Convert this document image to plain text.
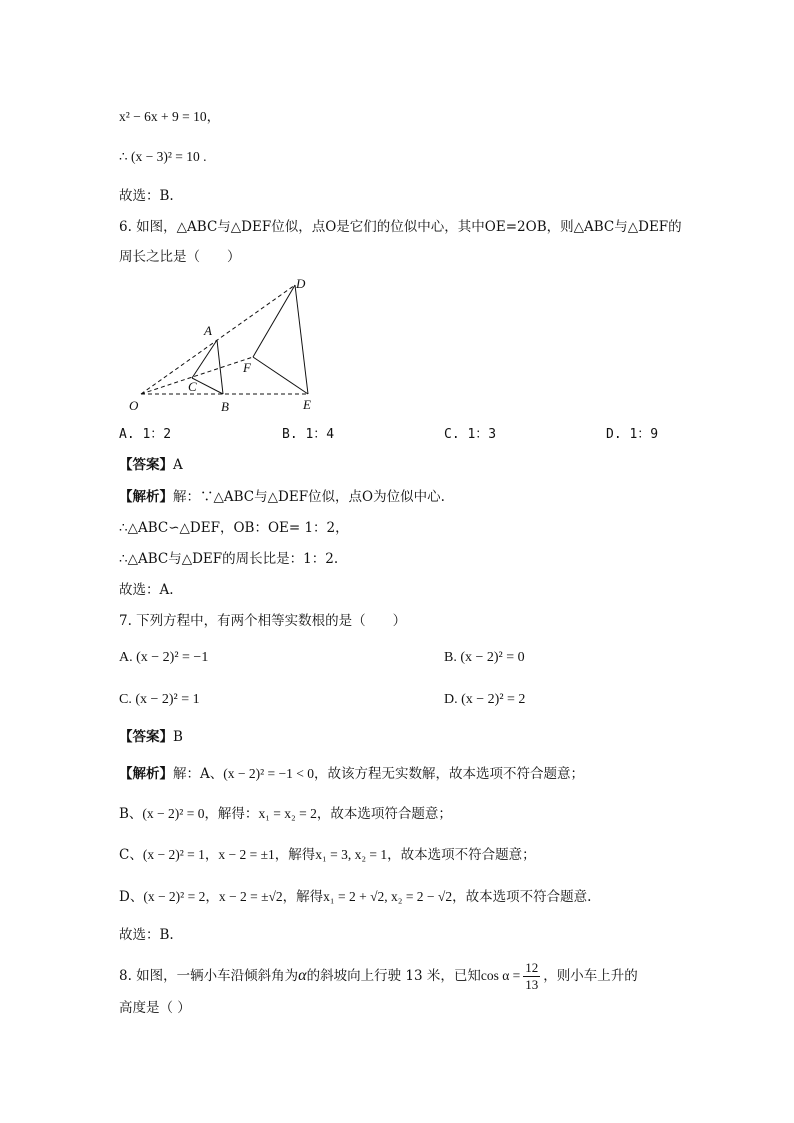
x² − 6x + 9 = 10，
∴ (x − 3)² = 10 .
故选：B.
6. 如图，△ABC与△DEF位似，点O是它们的位似中心，其中OE=2OB，则△ABC与△DEF的
周长之比是（　　）
O
A
B
C
D
E
F
A. 1：2	B. 1：4	C. 1：3	D. 1：9
【答案】A
【解析】解：∵△ABC与△DEF位似，点O为位似中心.
∴△ABC∽△DEF，OB：OE= 1：2，
∴△ABC与△DEF的周长比是：1：2.
故选：A.
7. 下列方程中，有两个相等实数根的是（　　）
A. (x − 2)² = −1	B. (x − 2)² = 0
C. (x − 2)² = 1	D. (x − 2)² = 2
【答案】B
【解析】解：A、(x − 2)² = −1 < 0，故该方程无实数解，故本选项不符合题意；
B、(x − 2)² = 0，解得：x₁ = x₂ = 2，故本选项符合题意；
C、(x − 2)² = 1，x − 2 = ±1，解得x₁ = 3, x₂ = 1，故本选项不符合题意；
D、(x − 2)² = 2，x − 2 = ±√2，解得x₁ = 2 + √2, x₂ = 2 − √2，故本选项不符合题意.
故选：B.
8. 如图，一辆小车沿倾斜角为α的斜坡向上行驶 13 米，已知$\cos \alpha = \frac{12}{13}$ ，则小车上升的
高度是（ ）
